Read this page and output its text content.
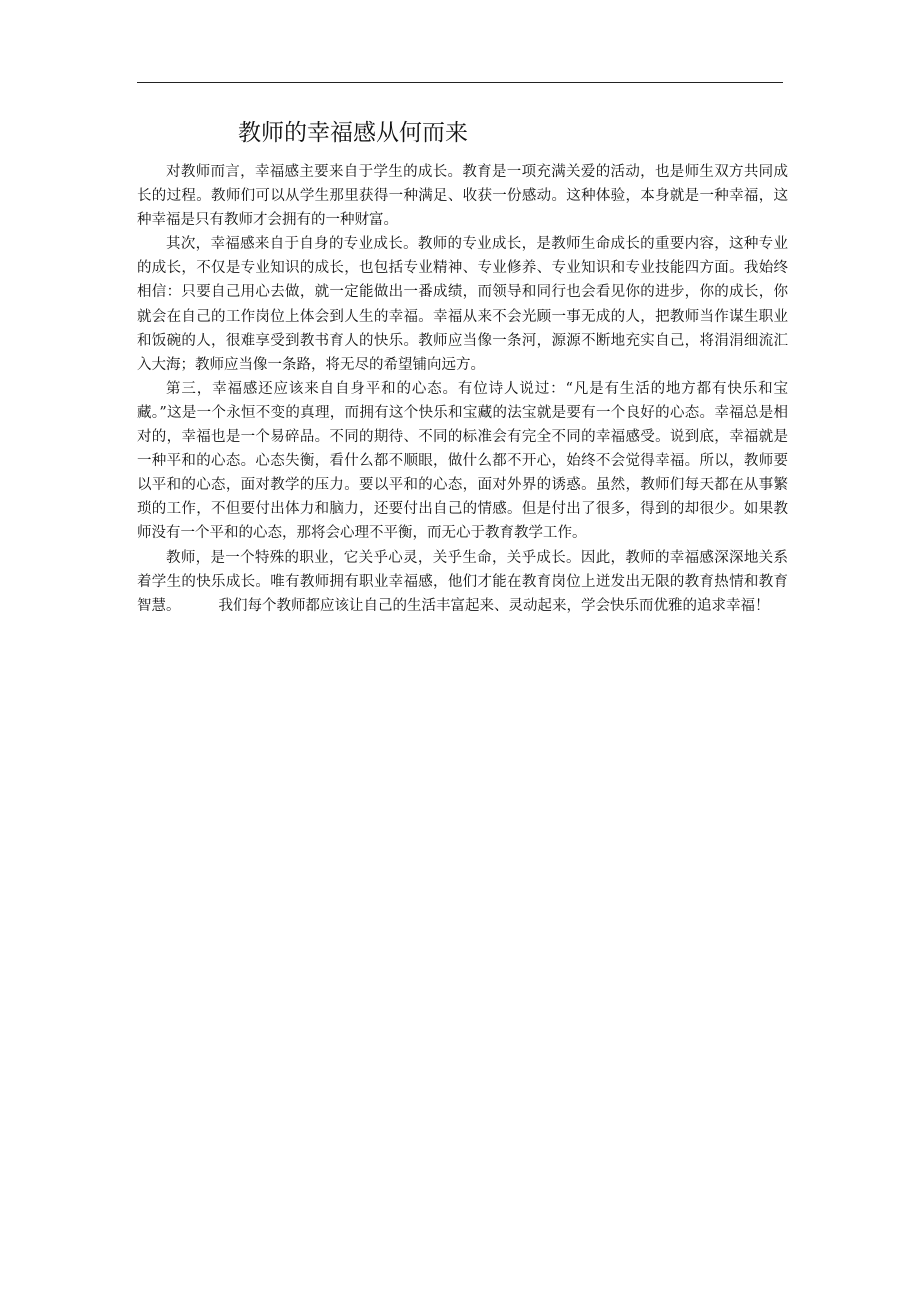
教师的幸福感从何而来

对教师而言，幸福感主要来自于学生的成长。教育是一项充满关爱的活动，也是师生双方共同成长的过程。教师们可以从学生那里获得一种满足、收获一份感动。这种体验，本身就是一种幸福，这种幸福是只有教师才会拥有的一种财富。

其次，幸福感来自于自身的专业成长。教师的专业成长，是教师生命成长的重要内容，这种专业的成长，不仅是专业知识的成长，也包括专业精神、专业修养、专业知识和专业技能四方面。我始终相信：只要自己用心去做，就一定能做出一番成绩，而领导和同行也会看见你的进步，你的成长，你就会在自己的工作岗位上体会到人生的幸福。幸福从来不会光顾一事无成的人，把教师当作谋生职业和饭碗的人，很难享受到教书育人的快乐。教师应当像一条河，源源不断地充实自己，将涓涓细流汇入大海；教师应当像一条路，将无尽的希望铺向远方。

第三，幸福感还应该来自自身平和的心态。有位诗人说过：“凡是有生活的地方都有快乐和宝藏。”这是一个永恒不变的真理，而拥有这个快乐和宝藏的法宝就是要有一个良好的心态。幸福总是相对的，幸福也是一个易碎品。不同的期待、不同的标准会有完全不同的幸福感受。说到底，幸福就是一种平和的心态。心态失衡，看什么都不顺眼，做什么都不开心，始终不会觉得幸福。所以，教师要以平和的心态，面对教学的压力。要以平和的心态，面对外界的诱惑。虽然，教师们每天都在从事繁琐的工作，不但要付出体力和脑力，还要付出自己的情感。但是付出了很多，得到的却很少。如果教师没有一个平和的心态，那将会心理不平衡，而无心于教育教学工作。

教师，是一个特殊的职业，它关乎心灵，关乎生命，关乎成长。因此，教师的幸福感深深地关系着学生的快乐成长。唯有教师拥有职业幸福感，他们才能在教育岗位上迸发出无限的教育热情和教育智慧。	我们每个教师都应该让自己的生活丰富起来、灵动起来，学会快乐而优雅的追求幸福！
